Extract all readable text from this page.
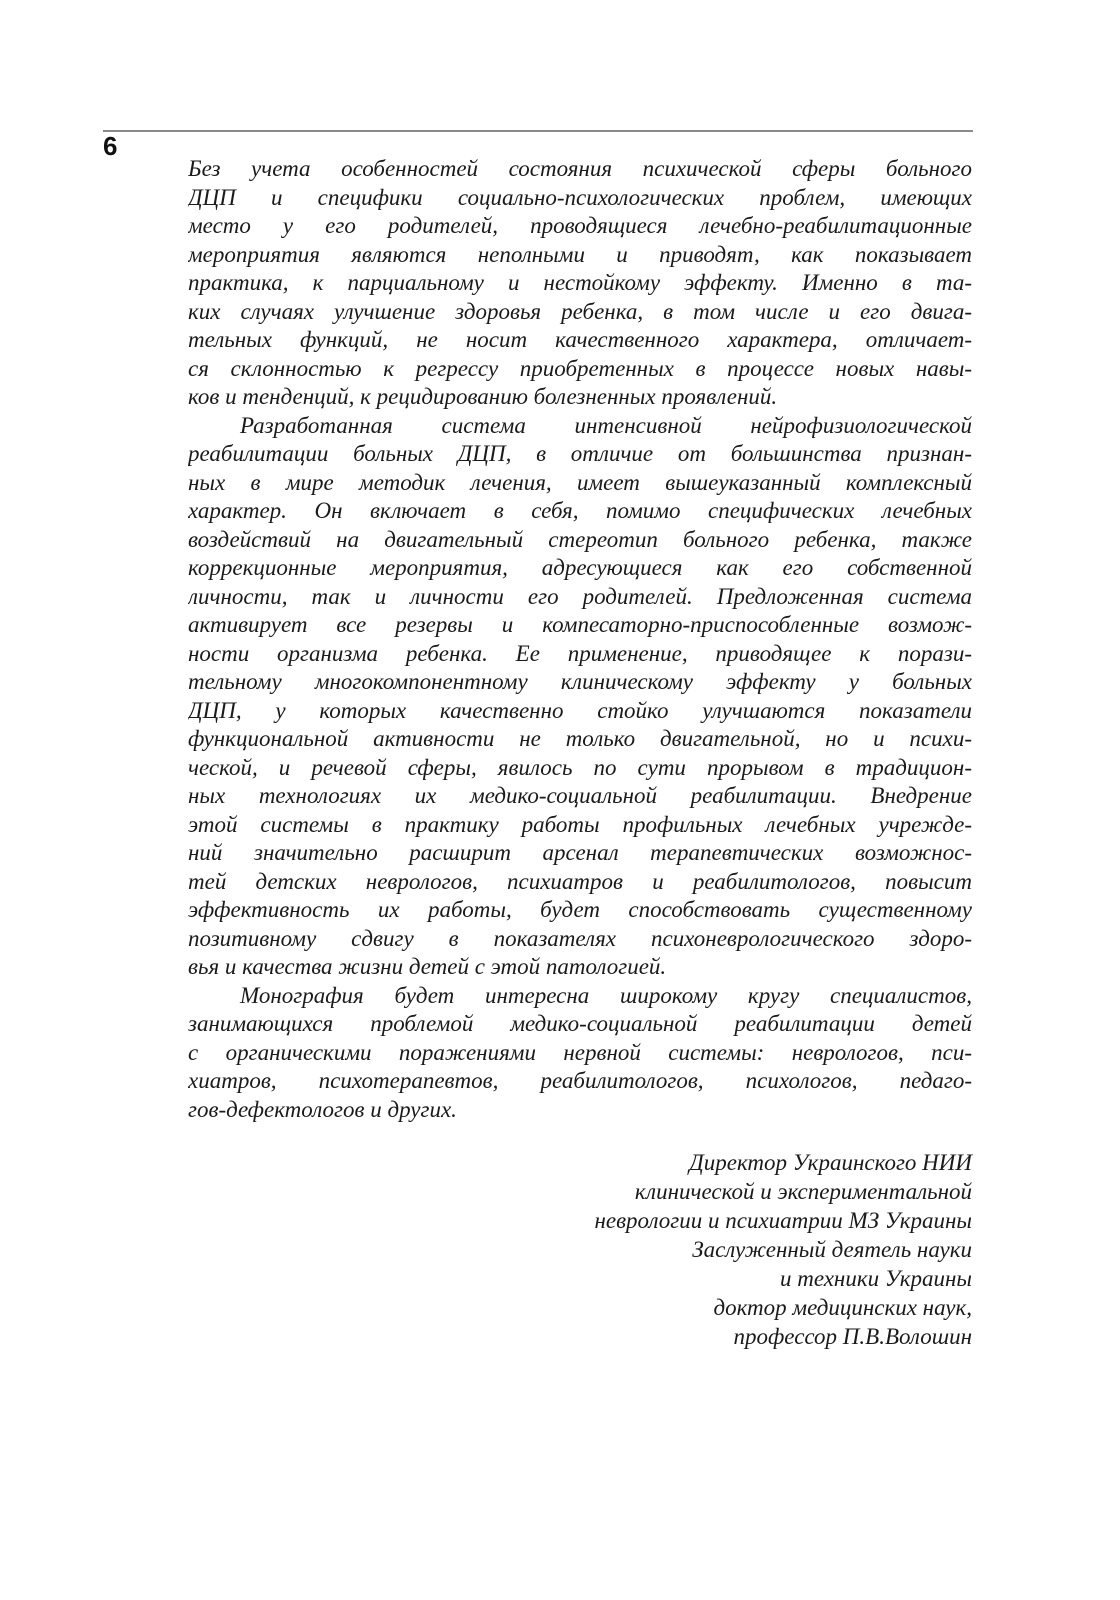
6
Без учета особенностей состояния психической сферы больного
ДЦП и специфики социально-психологических проблем, имеющих
место у его родителей, проводящиеся лечебно-реабилитационные
мероприятия являются неполными и приводят, как показывает
практика, к парциальному и нестойкому эффекту. Именно в та-
ких случаях улучшение здоровья ребенка, в том числе и его двига-
тельных функций, не носит качественного характера, отличает-
ся склонностью к регрессу приобретенных в процессе новых навы-
ков и тенденций, к рецидированию болезненных проявлений.
Разработанная система интенсивной нейрофизиологической
реабилитации больных ДЦП, в отличие от большинства признан-
ных в мире методик лечения, имеет вышеуказанный комплексный
характер. Он включает в себя, помимо специфических лечебных
воздействий на двигательный стереотип больного ребенка, также
коррекционные мероприятия, адресующиеся как его собственной
личности, так и личности его родителей. Предложенная система
активирует все резервы и компесаторно-приспособленные возмож-
ности организма ребенка. Ее применение, приводящее к порази-
тельному многокомпонентному клиническому эффекту у больных
ДЦП, у которых качественно стойко улучшаются показатели
функциональной активности не только двигательной, но и психи-
ческой, и речевой сферы, явилось по сути прорывом в традицион-
ных технологиях их медико-социальной реабилитации. Внедрение
этой системы в практику работы профильных лечебных учрежде-
ний значительно расширит арсенал терапевтических возможнос-
тей детских неврологов, психиатров и реабилитологов, повысит
эффективность их работы, будет способствовать существенному
позитивному сдвигу в показателях психоневрологического здоро-
вья и качества жизни детей с этой патологией.
Монография будет интересна широкому кругу специалистов,
занимающихся проблемой медико-социальной реабилитации детей
с органическими поражениями нервной системы: неврологов, пси-
хиатров, психотерапевтов, реабилитологов, психологов, педаго-
гов-дефектологов и других.
Директор Украинского НИИ
клинической и экспериментальной
неврологии и психиатрии МЗ Украины
Заслуженный деятель науки
и техники Украины
доктор медицинских наук,
профессор П.В.Волошин
